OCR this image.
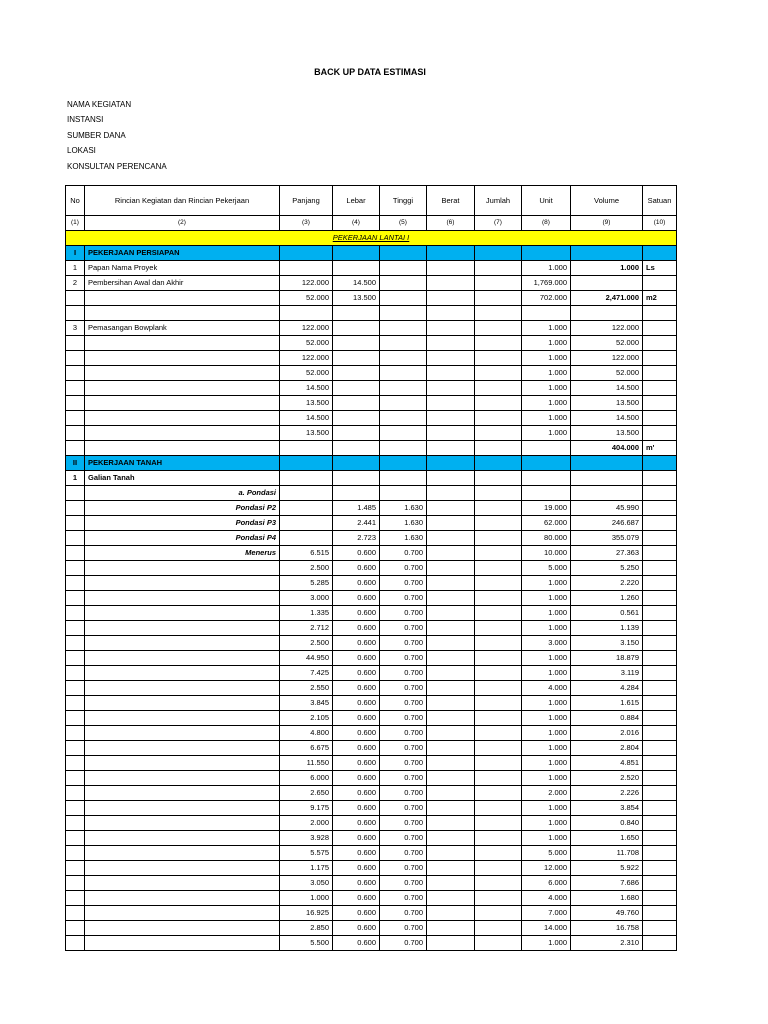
BACK UP DATA ESTIMASI
NAMA KEGIATAN
INSTANSI
SUMBER DANA
LOKASI
KONSULTAN PERENCANA
No	Rincian Kegiatan dan Rincian Pekerjaan	Panjang	Lebar	Tinggi	Berat	Jumlah	Unit	Volume	Satuan
(1)	(2)	(3)	(4)	(5)	(6)	(7)	(8)	(9)	(10)
PEKERJAAN LANTAI I									
I	PEKERJAAN PERSIAPAN								
1	Papan Nama Proyek						1.000	1.000	Ls
2	Pembersihan Awal dan Akhir	122.000	14.500				1,769.000		
		52.000	13.500				702.000	2,471.000	m2

3	Pemasangan Bowplank	122.000					1.000	122.000	
		52.000					1.000	52.000	
		122.000					1.000	122.000	
		52.000					1.000	52.000	
		14.500					1.000	14.500	
		13.500					1.000	13.500	
		14.500					1.000	14.500	
		13.500					1.000	13.500	
								404.000	m'
II	PEKERJAAN TANAH								
1	Galian Tanah								
	a. Pondasi								
	Pondasi P2		1.485	1.630			19.000	45.990	
	Pondasi P3		2.441	1.630			62.000	246.687	
	Pondasi P4		2.723	1.630			80.000	355.079	
	Menerus	6.515	0.600	0.700			10.000	27.363	
		2.500	0.600	0.700			5.000	5.250	
		5.285	0.600	0.700			1.000	2.220	
		3.000	0.600	0.700			1.000	1.260	
		1.335	0.600	0.700			1.000	0.561	
		2.712	0.600	0.700			1.000	1.139	
		2.500	0.600	0.700			3.000	3.150	
		44.950	0.600	0.700			1.000	18.879	
		7.425	0.600	0.700			1.000	3.119	
		2.550	0.600	0.700			4.000	4.284	
		3.845	0.600	0.700			1.000	1.615	
		2.105	0.600	0.700			1.000	0.884	
		4.800	0.600	0.700			1.000	2.016	
		6.675	0.600	0.700			1.000	2.804	
		11.550	0.600	0.700			1.000	4.851	
		6.000	0.600	0.700			1.000	2.520	
		2.650	0.600	0.700			2.000	2.226	
		9.175	0.600	0.700			1.000	3.854	
		2.000	0.600	0.700			1.000	0.840	
		3.928	0.600	0.700			1.000	1.650	
		5.575	0.600	0.700			5.000	11.708	
		1.175	0.600	0.700			12.000	5.922	
		3.050	0.600	0.700			6.000	7.686	
		1.000	0.600	0.700			4.000	1.680	
		16.925	0.600	0.700			7.000	49.760	
		2.850	0.600	0.700			14.000	16.758	
		5.500	0.600	0.700			1.000	2.310	
